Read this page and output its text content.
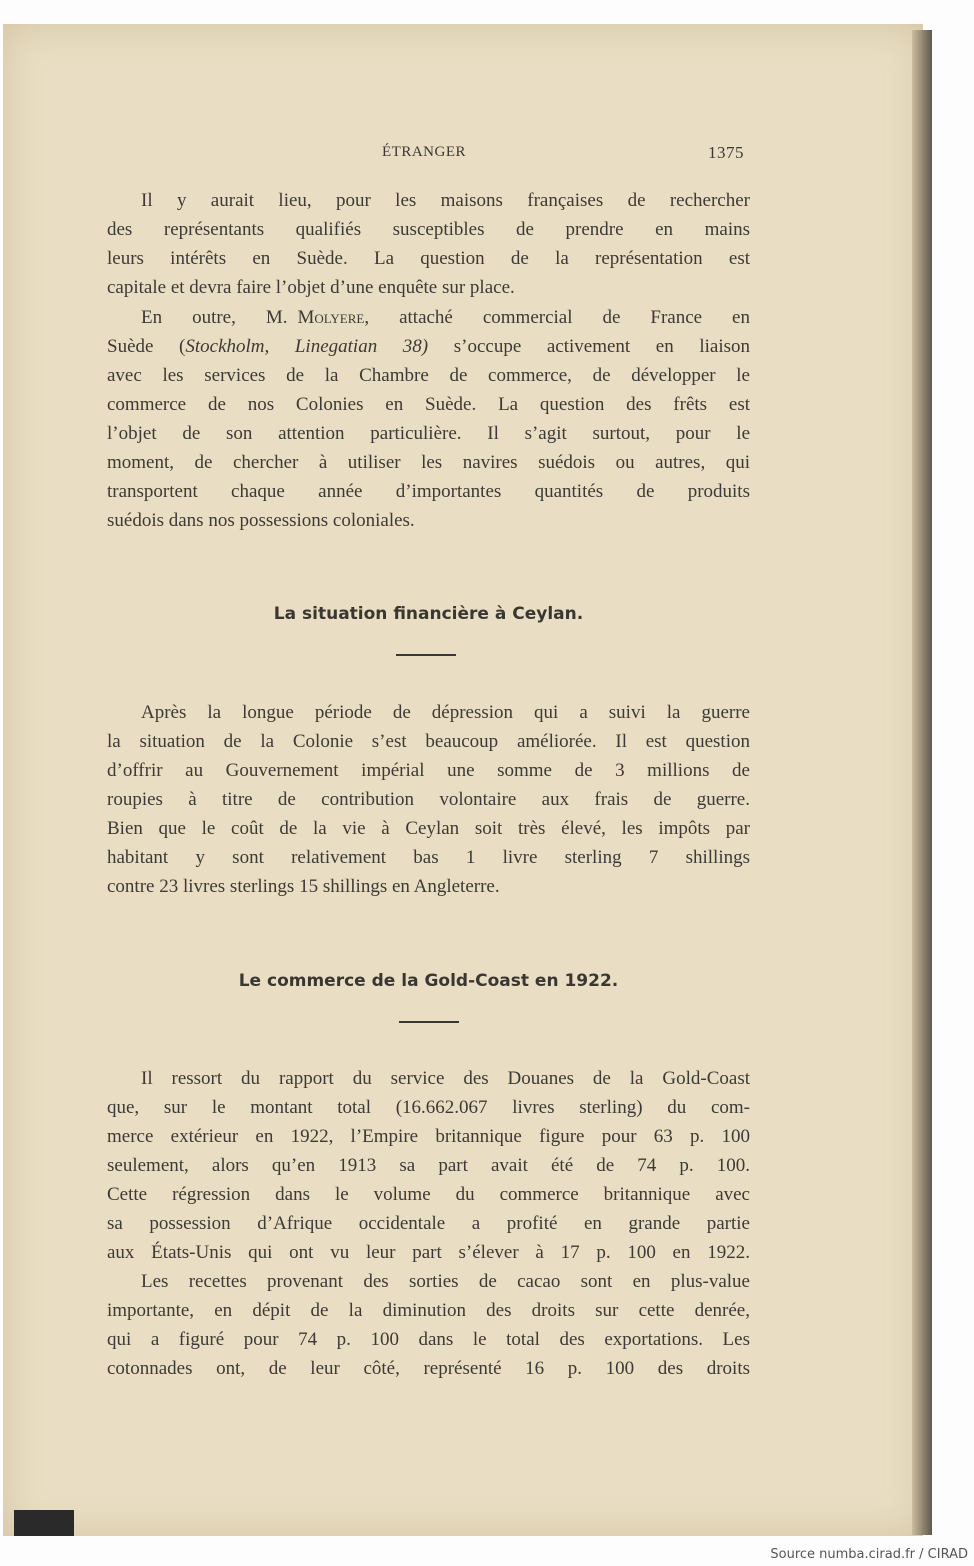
ÉTRANGER	1375
Il y aurait lieu, pour les maisons françaises de rechercher
des représentants qualifiés susceptibles de prendre en mains
leurs intérêts en Suède. La question de la représentation est
capitale et devra faire l’objet d’une enquête sur place.
En outre, M. Molyere, attaché commercial de France en
Suède (Stockholm, Linegatian 38) s’occupe activement en liaison
avec les services de la Chambre de commerce, de développer le
commerce de nos Colonies en Suède. La question des frêts est
l’objet de son attention particulière. Il s’agit surtout, pour le
moment, de chercher à utiliser les navires suédois ou autres, qui
transportent chaque année d’importantes quantités de produits
suédois dans nos possessions coloniales.
La situation financière à Ceylan.
Après la longue période de dépression qui a suivi la guerre
la situation de la Colonie s’est beaucoup améliorée. Il est question
d’offrir au Gouvernement impérial une somme de 3 millions de
roupies à titre de contribution volontaire aux frais de guerre.
Bien que le coût de la vie à Ceylan soit très élevé, les impôts par
habitant y sont relativement bas 1 livre sterling 7 shillings
contre 23 livres sterlings 15 shillings en Angleterre.
Le commerce de la Gold-Coast en 1922.
Il ressort du rapport du service des Douanes de la Gold-Coast
que, sur le montant total (16.662.067 livres sterling) du com-
merce extérieur en 1922, l’Empire britannique figure pour 63 p. 100
seulement, alors qu’en 1913 sa part avait été de 74 p. 100.
Cette régression dans le volume du commerce britannique avec
sa possession d’Afrique occidentale a profité en grande partie
aux États-Unis qui ont vu leur part s’élever à 17 p. 100 en 1922.
Les recettes provenant des sorties de cacao sont en plus-value
importante, en dépit de la diminution des droits sur cette denrée,
qui a figuré pour 74 p. 100 dans le total des exportations. Les
cotonnades ont, de leur côté, représenté 16 p. 100 des droits
Source numba.cirad.fr / CIRAD
